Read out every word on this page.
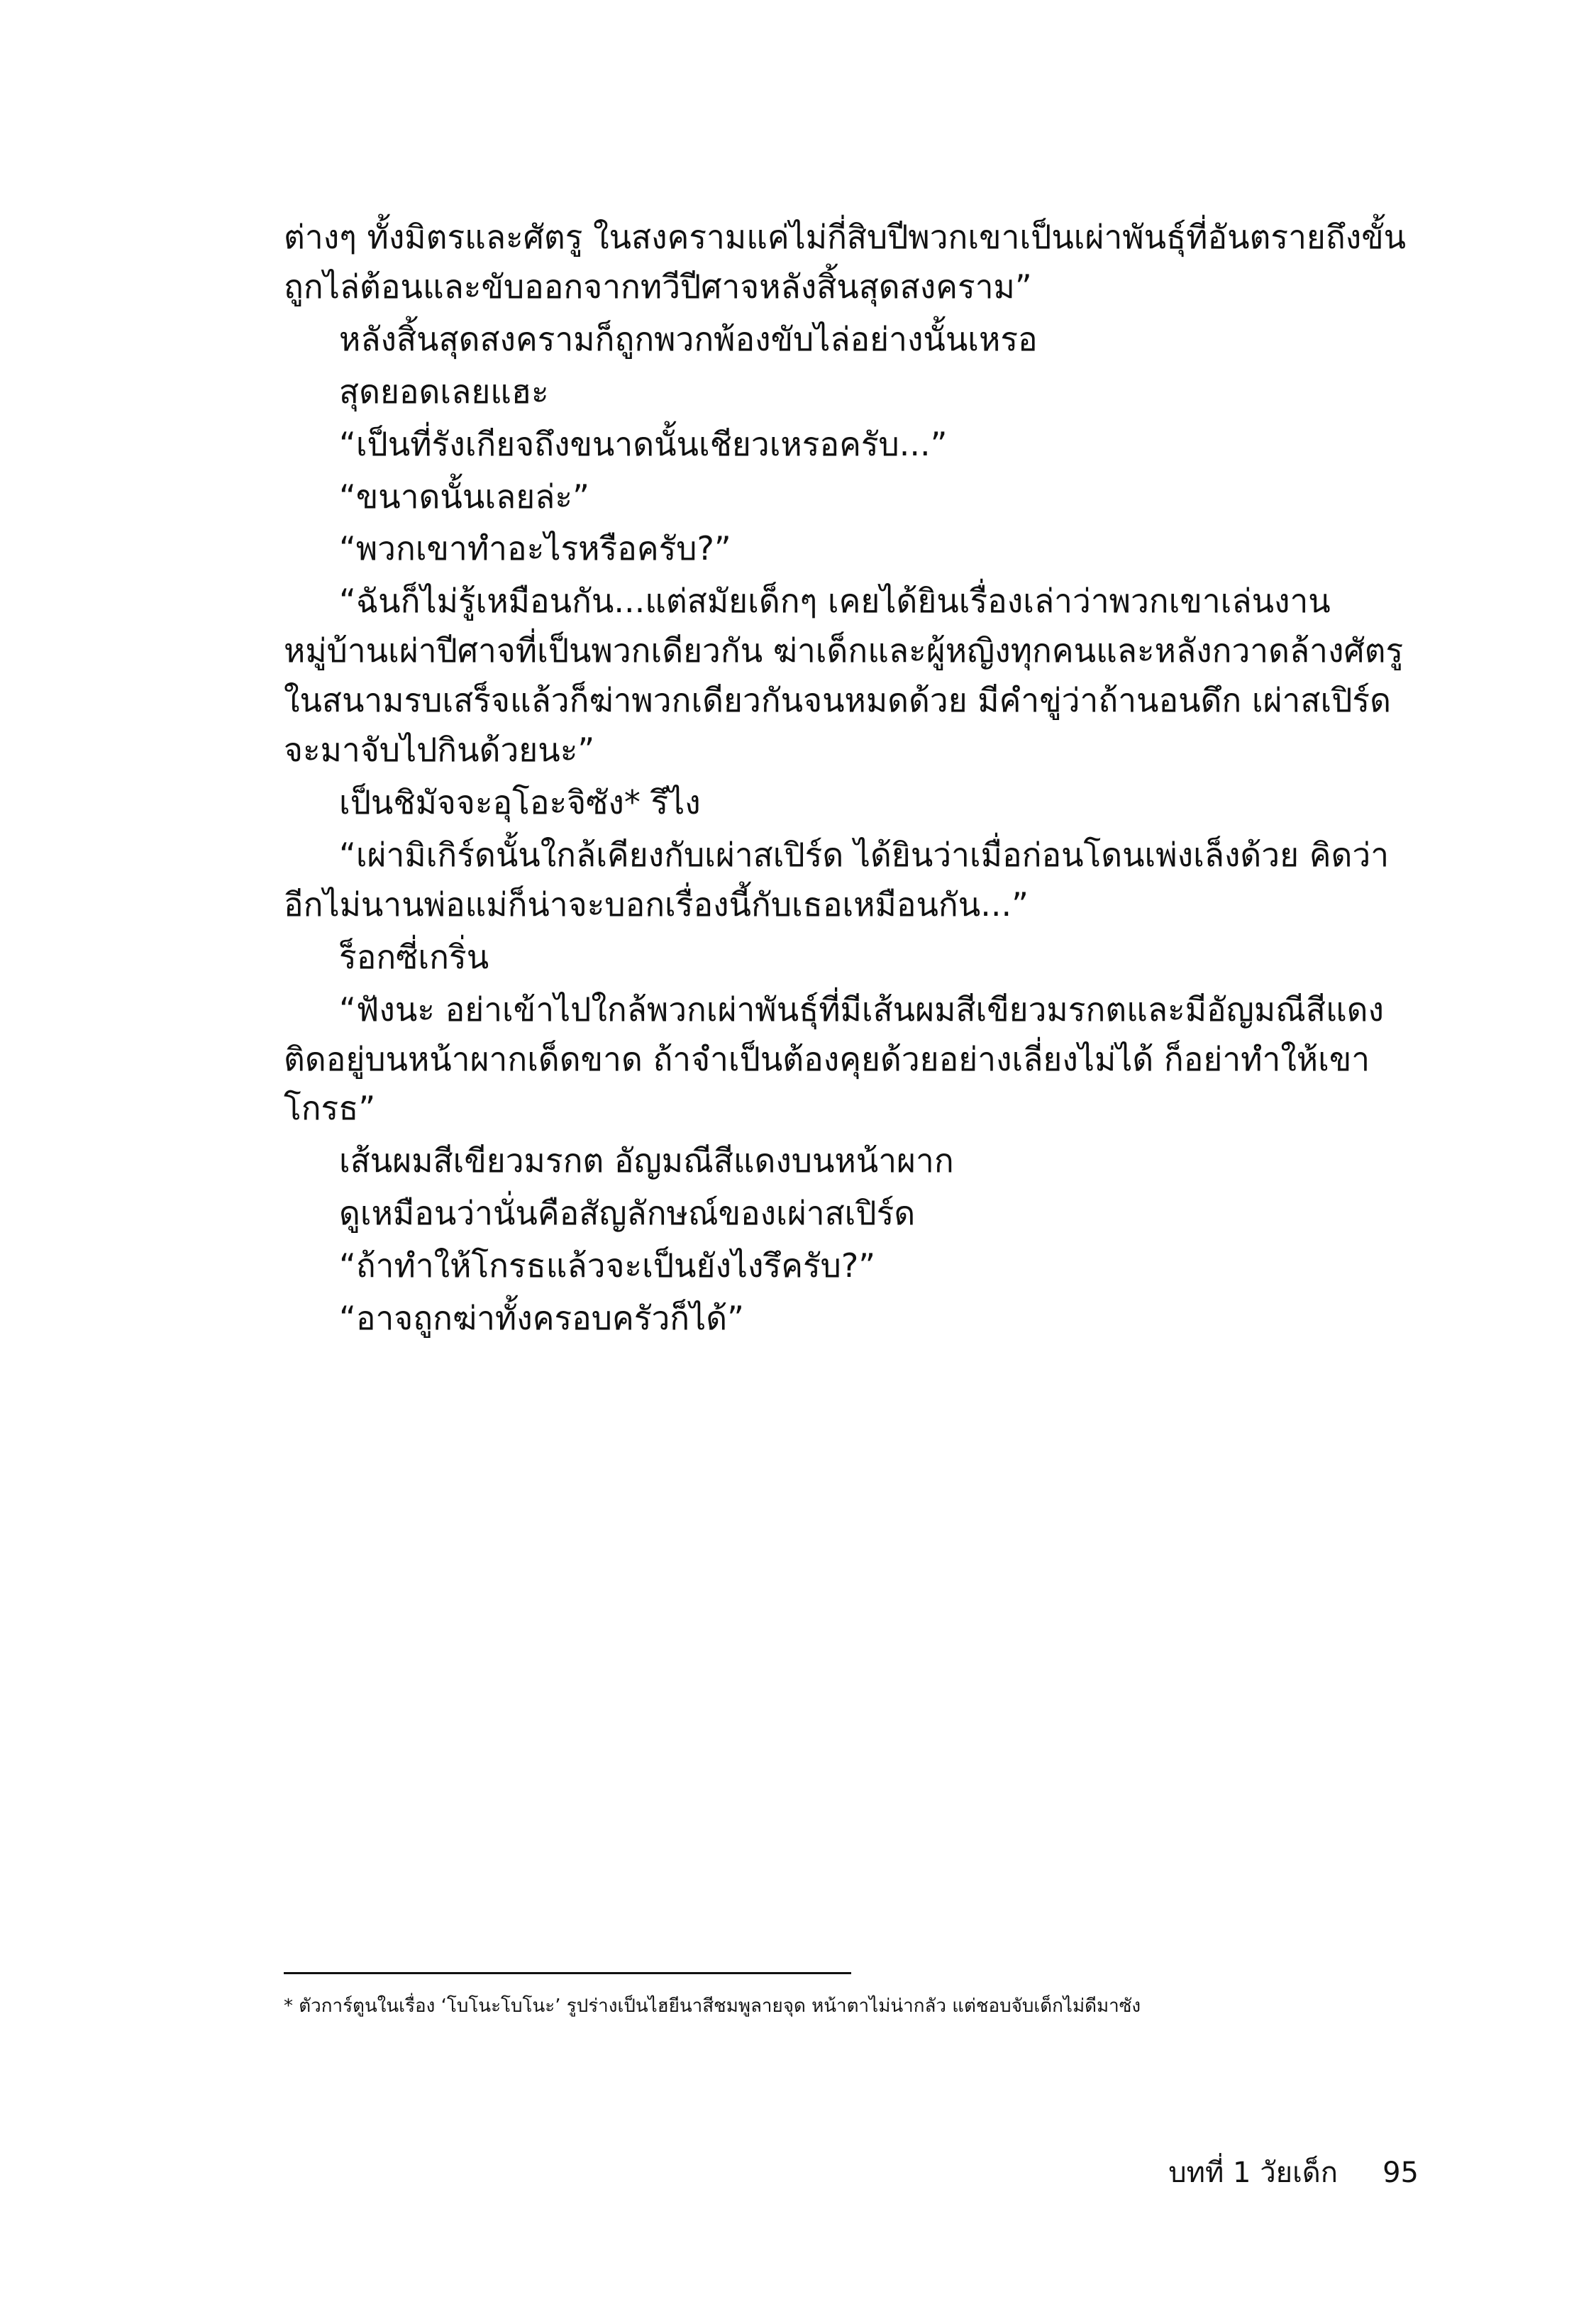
ต่างๆ ทั้งมิตรและศัตรู ในสงครามแค่ไม่กี่สิบปีพวกเขาเป็นเผ่าพันธุ์ที่อันตรายถึงขั้นถูกไล่ต้อนและขับออกจากทวีปีศาจหลังสิ้นสุดสงคราม”

หลังสิ้นสุดสงครามก็ถูกพวกพ้องขับไล่อย่างนั้นเหรอ

สุดยอดเลยแฮะ

“เป็นที่รังเกียจถึงขนาดนั้นเชียวเหรอครับ...”

“ขนาดนั้นเลยล่ะ”

“พวกเขาทำอะไรหรือครับ?”

“ฉันก็ไม่รู้เหมือนกัน...แต่สมัยเด็กๆ เคยได้ยินเรื่องเล่าว่าพวกเขาเล่นงานหมู่บ้านเผ่าปีศาจที่เป็นพวกเดียวกัน ฆ่าเด็กและผู้หญิงทุกคนและหลังกวาดล้างศัตรูในสนามรบเสร็จแล้วก็ฆ่าพวกเดียวกันจนหมดด้วย มีคำขู่ว่าถ้านอนดึก เผ่าสเปิร์ดจะมาจับไปกินด้วยนะ”

เป็นชิมัจจะอุโอะจิซัง* รึไง

“เผ่ามิเกิร์ดนั้นใกล้เคียงกับเผ่าสเปิร์ด ได้ยินว่าเมื่อก่อนโดนเพ่งเล็งด้วย คิดว่าอีกไม่นานพ่อแม่ก็น่าจะบอกเรื่องนี้กับเธอเหมือนกัน...”

ร็อกซี่เกริ่น

“ฟังนะ อย่าเข้าไปใกล้พวกเผ่าพันธุ์ที่มีเส้นผมสีเขียวมรกตและมีอัญมณีสีแดงติดอยู่บนหน้าผากเด็ดขาด ถ้าจำเป็นต้องคุยด้วยอย่างเลี่ยงไม่ได้ ก็อย่าทำให้เขาโกรธ”

เส้นผมสีเขียวมรกต อัญมณีสีแดงบนหน้าผาก

ดูเหมือนว่านั่นคือสัญลักษณ์ของเผ่าสเปิร์ด

“ถ้าทำให้โกรธแล้วจะเป็นยังไงรึครับ?”

“อาจถูกฆ่าทั้งครอบครัวก็ได้”

* ตัวการ์ตูนในเรื่อง ‘โบโนะโบโนะ’ รูปร่างเป็นไฮยีนาสีชมพูลายจุด หน้าตาไม่น่ากลัว แต่ชอบจับเด็กไม่ดีมาซัง
บทที่ 1 วัยเด็ก	95
